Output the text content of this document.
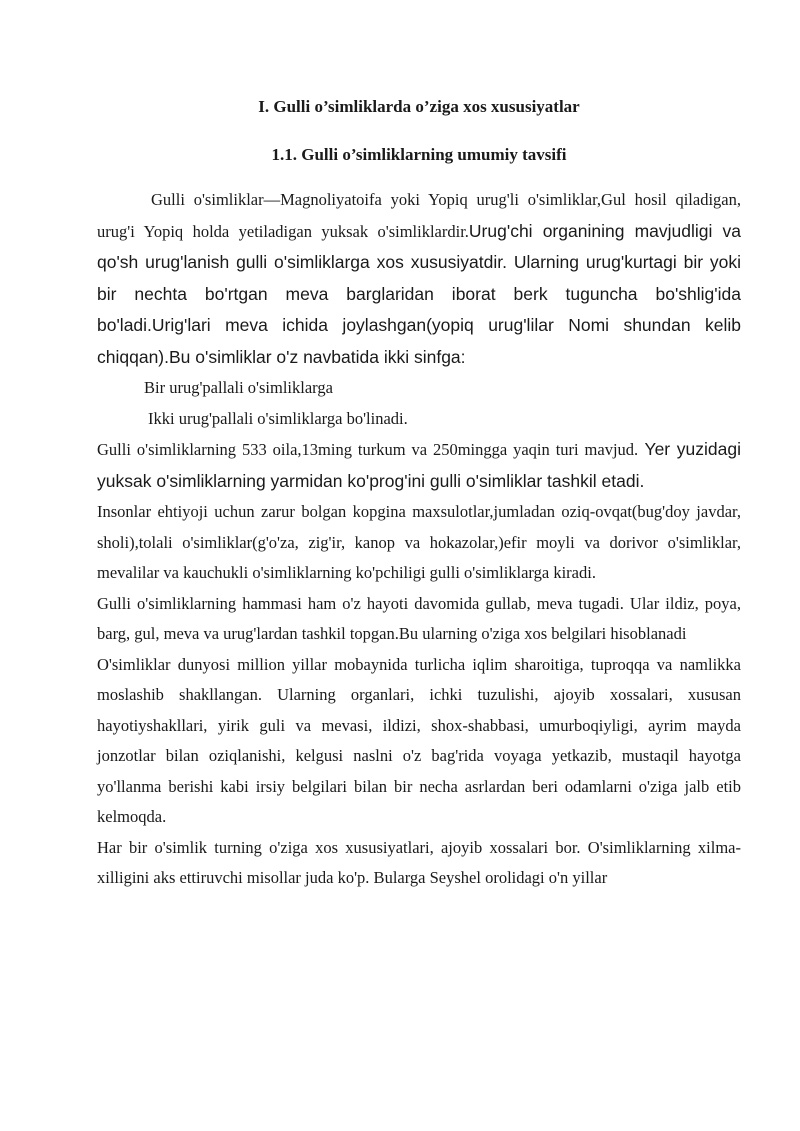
I. Gulli o’simliklarda o’ziga xos xususiyatlar

1.1. Gulli o’simliklarning umumiy tavsifi

Gulli o'simliklar—Magnoliyatoifa yoki Yopiq urug'li o'simliklar,Gul hosil qiladigan, urug'i Yopiq holda yetiladigan yuksak o'simliklardir.Urug'chi organining mavjudligi va qo'sh urug'lanish gulli o'simliklarga xos xususiyatdir. Ularning urug'kurtagi bir yoki bir nechta bo'rtgan meva barglaridan iborat berk tuguncha bo'shlig'ida bo'ladi.Urig'lari meva ichida joylashgan(yopiq urug'lilar Nomi shundan kelib chiqqan).Bu o'simliklar o'z navbatida ikki sinfga:

Bir urug'pallali o'simliklarga
Ikki urug'pallali o'simliklarga bo'linadi.

Gulli o'simliklarning 533 oila,13ming turkum va 250mingga yaqin turi mavjud. Yer yuzidagi yuksak o'simliklarning yarmidan ko'prog'ini gulli o'simliklar tashkil etadi.

Insonlar ehtiyoji uchun zarur bolgan kopgina maxsulotlar,jumladan oziq-ovqat(bug'doy javdar, sholi),tolali o'simliklar(g'o'za, zig'ir, kanop va hokazolar,)efir moyli va dorivor o'simliklar, mevalilar va kauchukli o'simliklarning ko'pchiligi gulli o'simliklarga kiradi.

Gulli o'simliklarning hammasi ham o'z hayoti davomida gullab, meva tugadi. Ular ildiz, poya, barg, gul, meva va urug'lardan tashkil topgan.Bu ularning o'ziga xos belgilari hisoblanadi

O'simliklar dunyosi million yillar mobaynida turlicha iqlim sharoitiga, tuproqqa va namlikka moslashib shakllangan. Ularning organlari, ichki tuzulishi, ajoyib xossalari, xususan hayotiyshakllari, yirik guli va mevasi, ildizi, shox-shabbasi, umurboqiyligi, ayrim mayda jonzotlar bilan oziqlanishi, kelgusi naslni o'z bag'rida voyaga yetkazib, mustaqil hayotga yo'llanma berishi kabi irsiy belgilari bilan bir necha asrlardan beri odamlarni o'ziga jalb etib kelmoqda.

Har bir o'simlik turning o'ziga xos xususiyatlari, ajoyib xossalari bor. O'simliklarning xilma-xilligini aks ettiruvchi misollar juda ko'p. Bularga Seyshel orolidagi o'n yillar
